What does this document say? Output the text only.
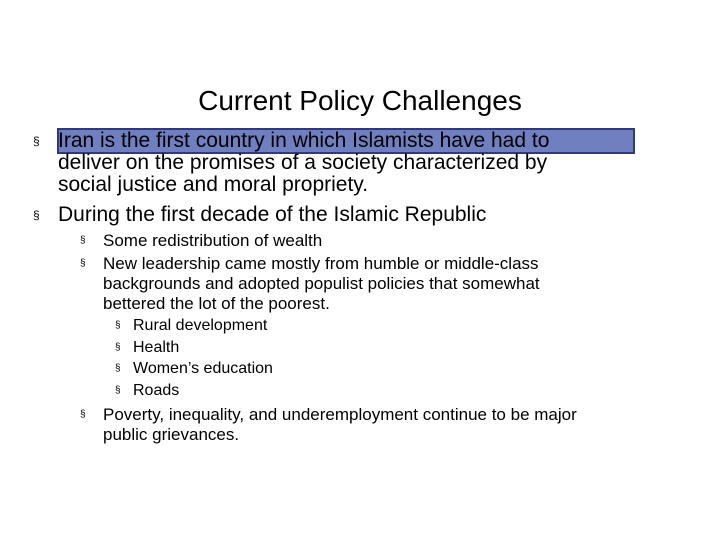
Current Policy Challenges
§ Iran is the first country in which Islamists have had to
deliver on the promises of a society characterized by
social justice and moral propriety.
§ During the first decade of the Islamic Republic
§ Some redistribution of wealth
§ New leadership came mostly from humble or middle-class
backgrounds and adopted populist policies that somewhat
bettered the lot of the poorest.
§ Rural development
§ Health
§ Women’s education
§ Roads
§ Poverty, inequality, and underemployment continue to be major
public grievances.
